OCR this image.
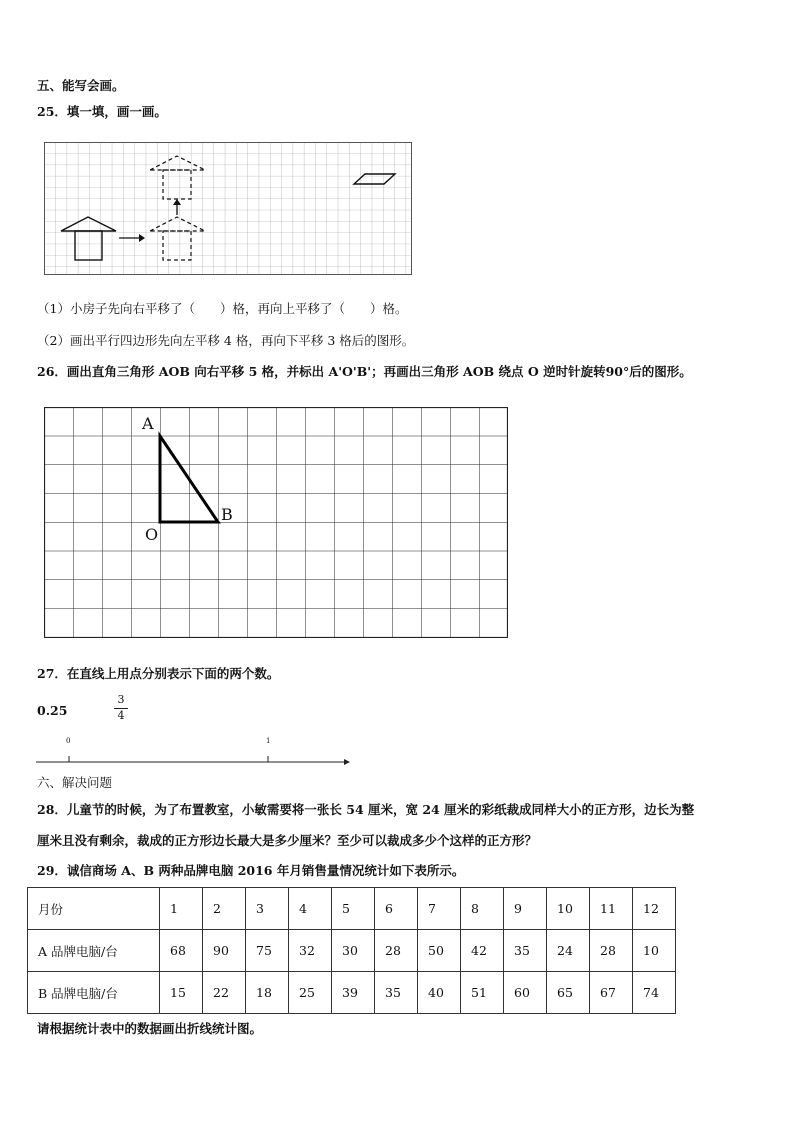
五、能写会画。
25．填一填，画一画。
（1）小房子先向右平移了（　　）格，再向上平移了（　　）格。
（2）画出平行四边形先向左平移 4 格，再向下平移 3 格后的图形。
26．画出直角三角形 AOB 向右平移 5 格，并标出 A'O'B'；再画出三角形 AOB 绕点 O 逆时针旋转90°后的图形。
A
O
B
27．在直线上用点分别表示下面的两个数。
0.25
3
4
0	1
六、解决问题
28．儿童节的时候，为了布置教室，小敏需要将一张长 54 厘米，宽 24 厘米的彩纸裁成同样大小的正方形，边长为整
厘米且没有剩余，裁成的正方形边长最大是多少厘米？至少可以裁成多少个这样的正方形？
29．诚信商场 A、B 两种品牌电脑 2016 年月销售量情况统计如下表所示。
月份	1	2	3	4	5	6	7	8	9	10	11	12
A 品牌电脑/台	68	90	75	32	30	28	50	42	35	24	28	10
B 品牌电脑/台	15	22	18	25	39	35	40	51	60	65	67	74
请根据统计表中的数据画出折线统计图。
